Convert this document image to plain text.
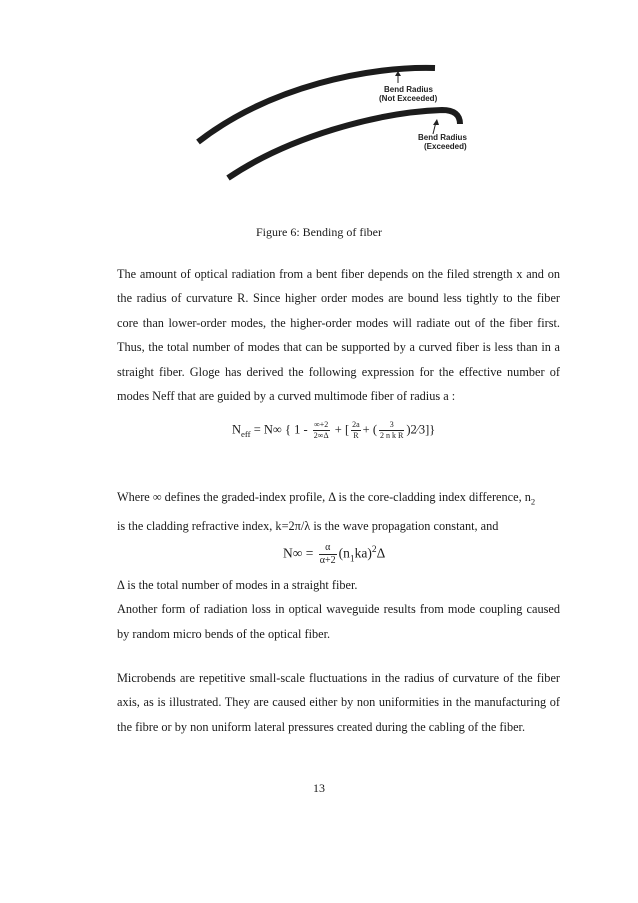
Bend Radius
(Not Exceeded)
Bend Radius
(Exceeded)
Figure 6: Bending of fiber

The amount of optical radiation from a bent fiber depends on the filed strength x and on the radius of curvature R. Since higher order modes are bound less tightly to the fiber core than lower-order modes, the higher-order modes will radiate out of the fiber first. Thus, the total number of modes that can be supported by a curved fiber is less than in a straight fiber. Gloge has derived the following expression for the effective number of modes Neff that are guided by a curved multimode fiber of radius a :

$N_{eff} = N\infty$ { $1 - \frac{\infty+2}{2\infty\Delta}$ + [ $\frac{2a}{R}$ + ( $\frac{3}{\text{2 n k R}}$ )2⁄3]}

Where ∞ defines the graded-index profile, Δ is the core-cladding index difference, $n_2$
is the cladding refractive index, k=2π/λ is the wave propagation constant, and

$N\infty = \frac{\alpha}{\alpha+2} (n_1ka)^2\Delta$

Δ is the total number of modes in a straight fiber.

Another form of radiation loss in optical waveguide results from mode coupling caused by random micro bends of the optical fiber.

Microbends are repetitive small-scale fluctuations in the radius of curvature of the fiber axis, as is illustrated. They are caused either by non uniformities in the manufacturing of the fibre or by non uniform lateral pressures created during the cabling of the fiber.

13
